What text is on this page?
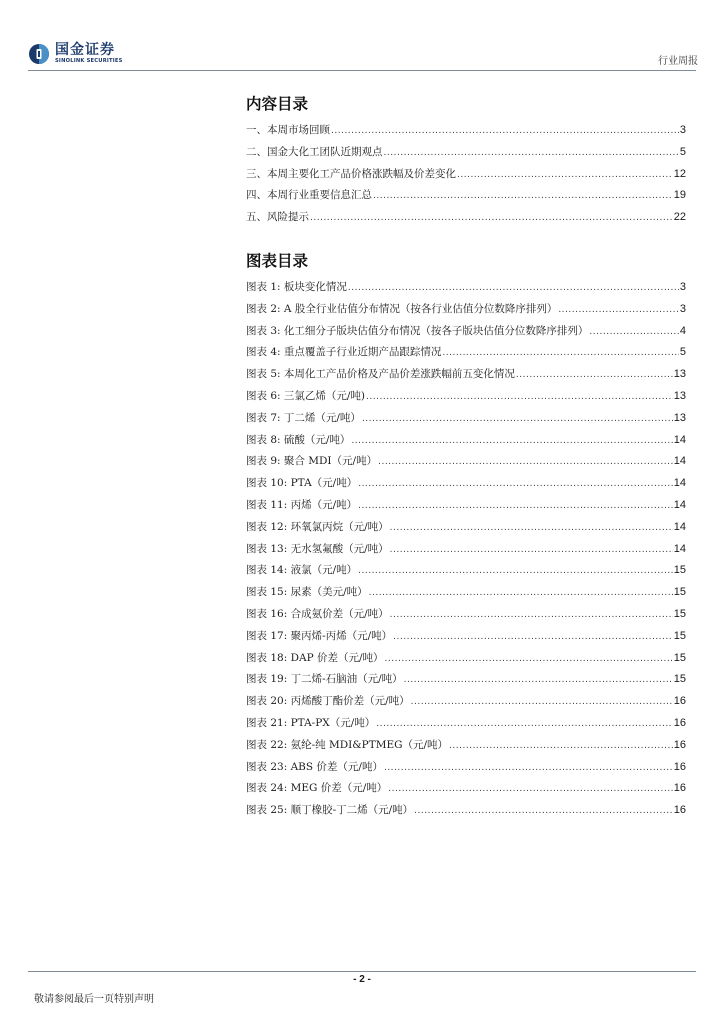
国金证券
SINOLINK SECURITIES	行业周报
内容目录
一、本周市场回顾 .....	3
二、国金大化工团队近期观点 .....	5
三、本周主要化工产品价格涨跌幅及价差变化 .....	12
四、本周行业重要信息汇总 .....	19
五、风险提示 .....	22
图表目录
图表 1: 板块变化情况 .....	3
图表 2: A 股全行业估值分布情况（按各行业估值分位数降序排列） .....	3
图表 3: 化工细分子版块估值分布情况（按各子版块估值分位数降序排列） .....	4
图表 4: 重点覆盖子行业近期产品跟踪情况 .....	5
图表 5: 本周化工产品价格及产品价差涨跌幅前五变化情况 .....	13
图表 6: 三氯乙烯（元/吨) .....	13
图表 7: 丁二烯（元/吨） .....	13
图表 8: 硫酸（元/吨） .....	14
图表 9: 聚合 MDI（元/吨） .....	14
图表 10: PTA（元/吨） .....	14
图表 11: 丙烯（元/吨） .....	14
图表 12: 环氧氯丙烷（元/吨） .....	14
图表 13: 无水氢氟酸（元/吨） .....	14
图表 14: 液氯（元/吨） .....	15
图表 15: 尿素（美元/吨） .....	15
图表 16: 合成氨价差（元/吨） .....	15
图表 17: 聚丙烯-丙烯（元/吨） .....	15
图表 18: DAP 价差（元/吨） .....	15
图表 19: 丁二烯-石脑油（元/吨） .....	15
图表 20: 丙烯酸丁酯价差（元/吨） .....	16
图表 21: PTA-PX（元/吨） .....	16
图表 22: 氨纶-纯 MDI&PTMEG（元/吨） .....	16
图表 23: ABS 价差（元/吨） .....	16
图表 24: MEG 价差（元/吨） .....	16
图表 25: 顺丁橡胶-丁二烯（元/吨） .....	16
- 2 -
敬请参阅最后一页特别声明
